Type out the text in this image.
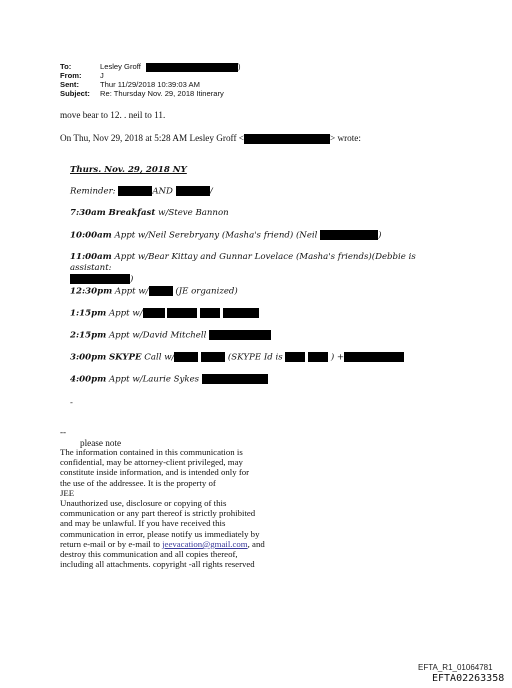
To:	Lesley Groff	)
From:	J
Sent:	Thur 11/29/2018 10:39:03 AM
Subject: Re: Thursday Nov. 29, 2018 Itinerary
move bear to 12. . neil to 11.
On Thu, Nov 29, 2018 at 5:28 AM Lesley Groff <	> wrote:
Thurs. Nov. 29, 2018 NY
Reminder:	AND	/
7:30am Breakfast w/Steve Bannon
10:00am Appt w/Neil Serebryany (Masha's friend) (Neil	)
11:00am Appt w/Bear Kittay and Gunnar Lovelace (Masha's friends)(Debbie is assistant:
)
12:30pm Appt w/	(JE organized)
1:15pm Appt w/
2:15pm Appt w/David Mitchell
3:00pm SKYPE Call w/	(SKYPE Id is	) +
4:00pm Appt w/Laurie Sykes
-
--
please note
The information contained in this communication is
confidential, may be attorney-client privileged, may
constitute inside information, and is intended only for
the use of the addressee. It is the property of
JEE
Unauthorized use, disclosure or copying of this
communication or any part thereof is strictly prohibited
and may be unlawful. If you have received this
communication in error, please notify us immediately by
return e-mail or by e-mail to jeevacation@gmail.com, and
destroy this communication and all copies thereof,
including all attachments. copyright -all rights reserved
EFTA_R1_01064781
EFTA02263358
